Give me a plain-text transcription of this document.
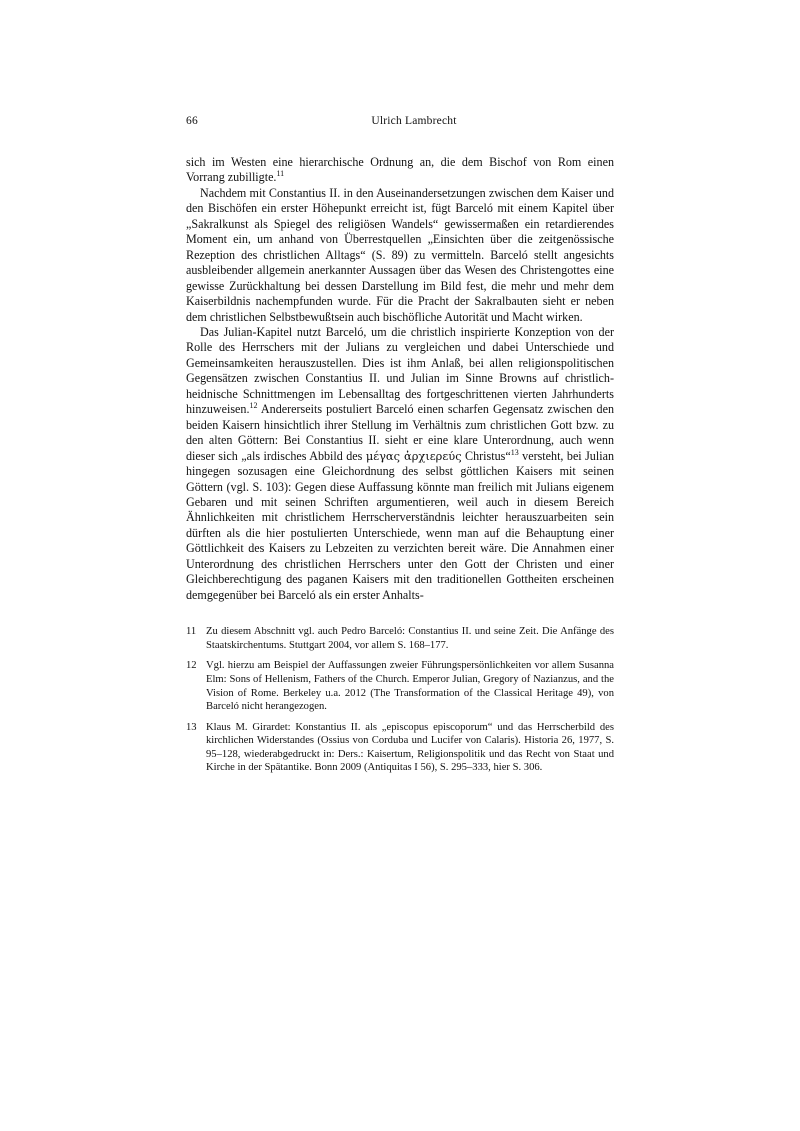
66	Ulrich Lambrecht

sich im Westen eine hierarchische Ordnung an, die dem Bischof von Rom einen Vorrang zubilligte.$^{11}$

Nachdem mit Constantius II. in den Auseinandersetzungen zwischen dem Kaiser und den Bischöfen ein erster Höhepunkt erreicht ist, fügt Barceló mit einem Kapitel über „Sakralkunst als Spiegel des religiösen Wandels“ gewissermaßen ein retardierendes Moment ein, um anhand von Überrestquellen „Einsichten über die zeitgenössische Rezeption des christlichen Alltags“ (S. 89) zu vermitteln. Barceló stellt angesichts ausbleibender allgemein anerkannter Aussagen über das Wesen des Christengottes eine gewisse Zurückhaltung bei dessen Darstellung im Bild fest, die mehr und mehr dem Kaiserbildnis nachempfunden wurde. Für die Pracht der Sakralbauten sieht er neben dem christlichen Selbstbewußtsein auch bischöfliche Autorität und Macht wirken.

Das Julian-Kapitel nutzt Barceló, um die christlich inspirierte Konzeption von der Rolle des Herrschers mit der Julians zu vergleichen und dabei Unterschiede und Gemeinsamkeiten herauszustellen. Dies ist ihm Anlaß, bei allen religionspolitischen Gegensätzen zwischen Constantius II. und Julian im Sinne Browns auf christlich-heidnische Schnittmengen im Lebensalltag des fortgeschrittenen vierten Jahrhunderts hinzuweisen.$^{12}$ Andererseits postuliert Barceló einen scharfen Gegensatz zwischen den beiden Kaisern hinsichtlich ihrer Stellung im Verhältnis zum christlichen Gott bzw. zu den alten Göttern: Bei Constantius II. sieht er eine klare Unterordnung, auch wenn dieser sich „als irdisches Abbild des μέγας ἀρχιερεύς Christus“$^{13}$ versteht, bei Julian hingegen sozusagen eine Gleichordnung des selbst göttlichen Kaisers mit seinen Göttern (vgl. S. 103): Gegen diese Auffassung könnte man freilich mit Julians eigenem Gebaren und mit seinen Schriften argumentieren, weil auch in diesem Bereich Ähnlichkeiten mit christlichem Herrscherverständnis leichter herauszuarbeiten sein dürften als die hier postulierten Unterschiede, wenn man auf die Behauptung einer Göttlichkeit des Kaisers zu Lebzeiten zu verzichten bereit wäre. Die Annahmen einer Unterordnung des christlichen Herrschers unter den Gott der Christen und einer Gleichberechtigung des paganen Kaisers mit den traditionellen Gottheiten erscheinen demgegenüber bei Barceló als ein erster Anhalts-

11 Zu diesem Abschnitt vgl. auch Pedro Barceló: Constantius II. und seine Zeit. Die Anfänge des Staatskirchentums. Stuttgart 2004, vor allem S. 168–177.
12 Vgl. hierzu am Beispiel der Auffassungen zweier Führungspersönlichkeiten vor allem Susanna Elm: Sons of Hellenism, Fathers of the Church. Emperor Julian, Gregory of Nazianzus, and the Vision of Rome. Berkeley u.a. 2012 (The Transformation of the Classical Heritage 49), von Barceló nicht herangezogen.
13 Klaus M. Girardet: Konstantius II. als „episcopus episcoporum“ und das Herrscherbild des kirchlichen Widerstandes (Ossius von Corduba und Lucifer von Calaris). Historia 26, 1977, S. 95–128, wiederabgedruckt in: Ders.: Kaisertum, Religionspolitik und das Recht von Staat und Kirche in der Spätantike. Bonn 2009 (Antiquitas I 56), S. 295–333, hier S. 306.
